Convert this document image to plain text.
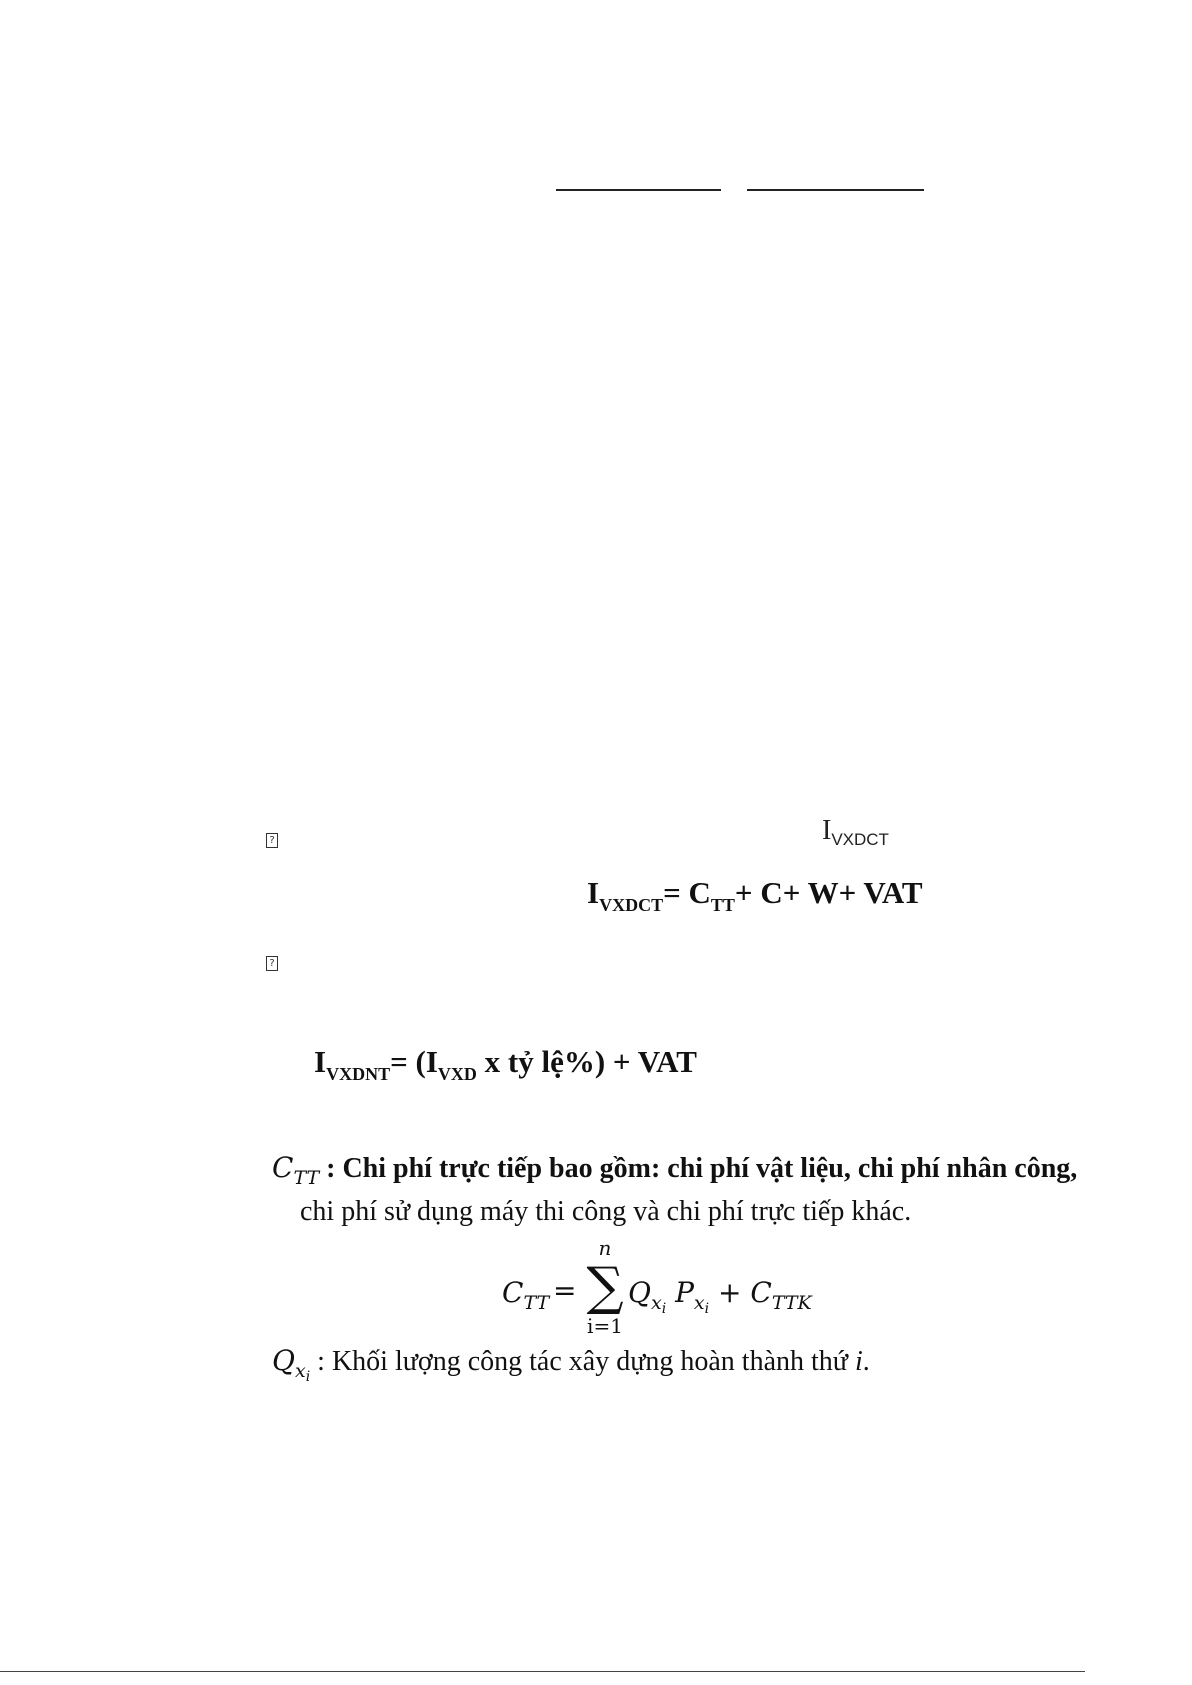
?	$I_{VXDCT}$
$I_{VXDCT}= C_{TT}+ C+ W+$ VAT
?
$I_{VXDNT}= (I_{VXD}$ x tỷ lệ%) + VAT
$C_{TT}$ : Chi phí trực tiếp bao gồm: chi phí vật liệu, chi phí nhân công,
chi phí sử dụng máy thi công và chi phí trực tiếp khác.
$C_{TT}$ =
n
∑
i=1
$Q_{x_i}$ $P_{x_i} + C_{TTK}$
$Q_{x_i}$ : Khối lượng công tác xây dựng hoàn thành thứ i.
